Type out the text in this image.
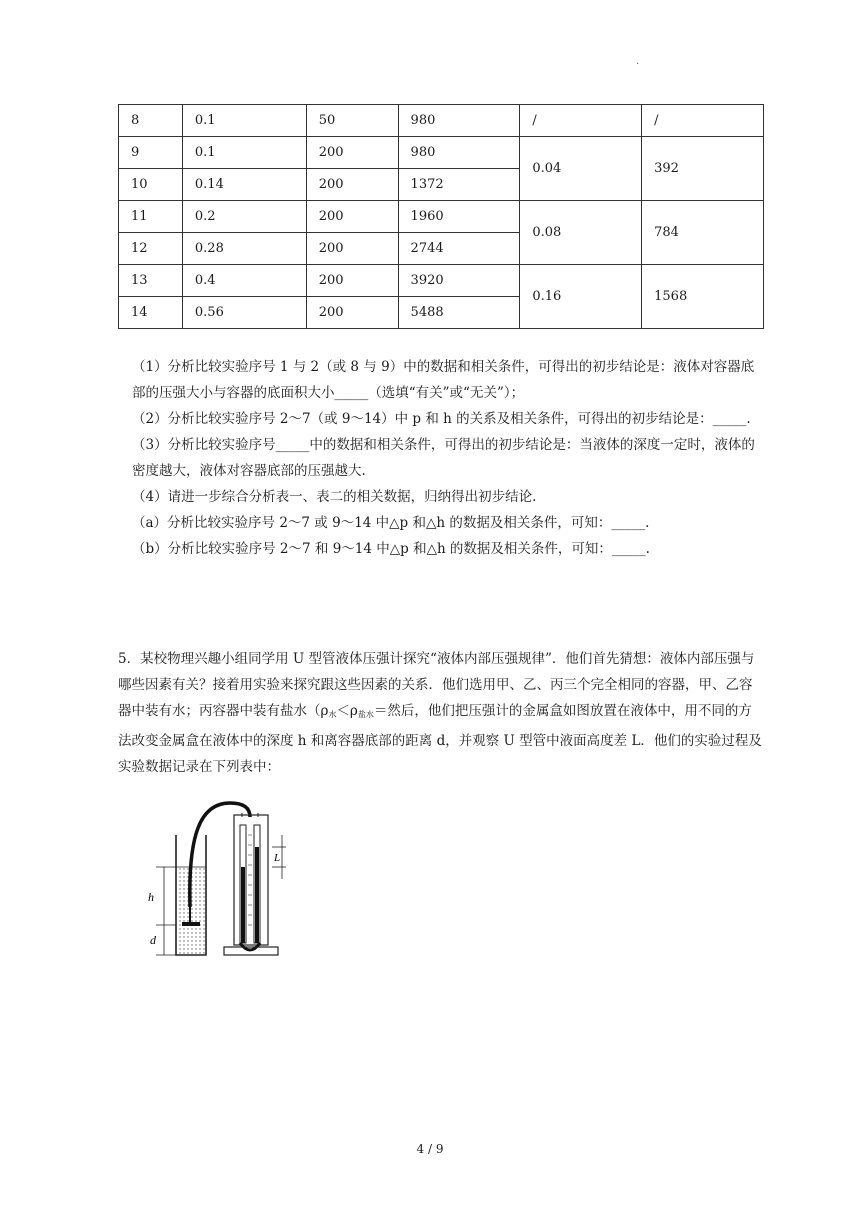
.
8	0.1	50	980	/	/
9	0.1	200	980	0.04	392
10	0.14	200	1372		
11	0.2	200	1960	0.08	784
12	0.28	200	2744		
13	0.4	200	3920	0.16	1568
14	0.56	200	5488		

（1）分析比较实验序号 1 与 2（或 8 与 9）中的数据和相关条件，可得出的初步结论是：液体对容器底部的压强大小与容器的底面积大小_____（选填“有关”或“无关”）；

（2）分析比较实验序号 2～7（或 9～14）中 p 和 h 的关系及相关条件，可得出的初步结论是：_____.

（3）分析比较实验序号_____中的数据和相关条件，可得出的初步结论是：当液体的深度一定时，液体的密度越大，液体对容器底部的压强越大.

（4）请进一步综合分析表一、表二的相关数据，归纳得出初步结论.

（a）分析比较实验序号 2～7 或 9～14 中△p 和△h 的数据及相关条件，可知：_____.

（b）分析比较实验序号 2～7 和 9～14 中△p 和△h 的数据及相关条件，可知：_____.

5．某校物理兴趣小组同学用 U 型管液体压强计探究“液体内部压强规律”．他们首先猜想：液体内部压强与哪些因素有关？接着用实验来探究跟这些因素的关系．他们选用甲、乙、丙三个完全相同的容器，甲、乙容器中装有水；丙容器中装有盐水（$\rho_水<\rho_{盐水}=$然后，他们把压强计的金属盒如图放置在液体中，用不同的方法改变金属盒在液体中的深度 h 和离容器底部的距离 d，并观察 U 型管中液面高度差 L．他们的实验过程及实验数据记录在下列表中：

L
h
d
4 / 9
